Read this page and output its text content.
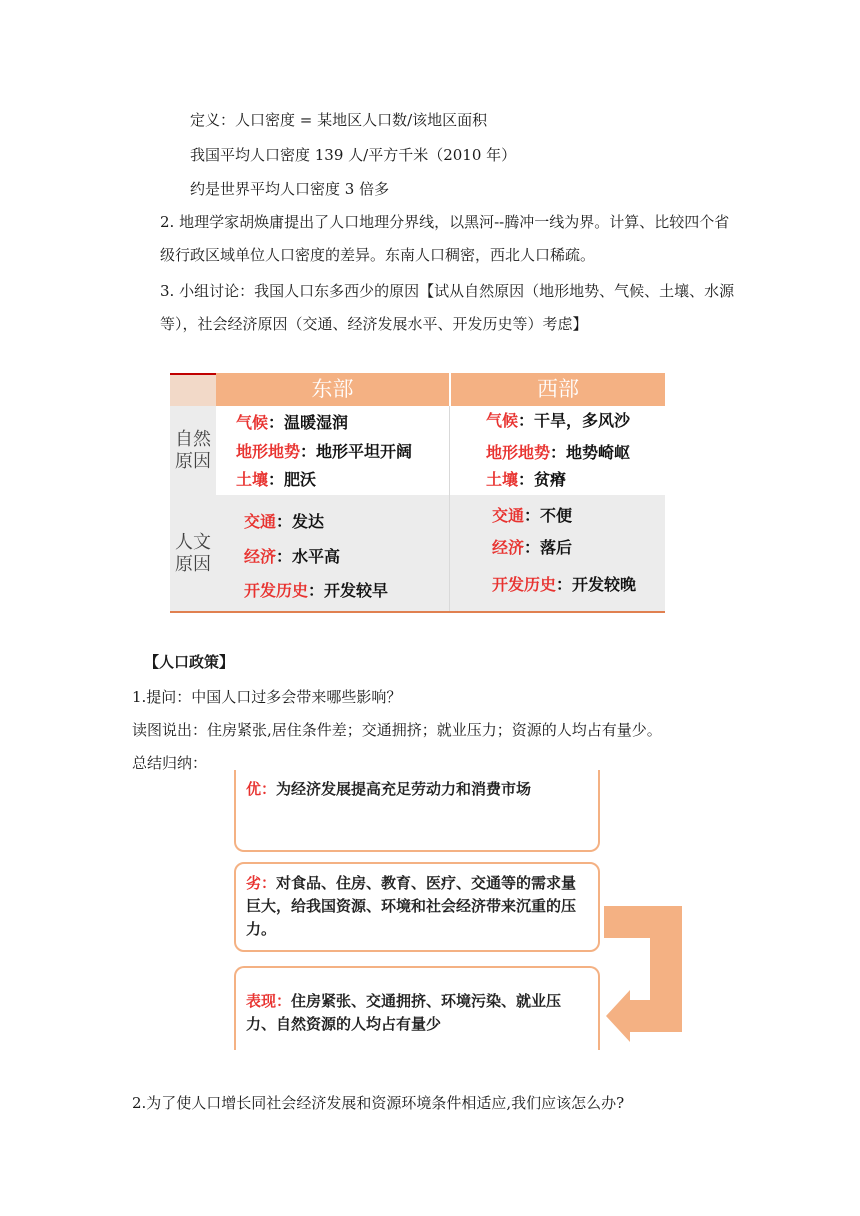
定义：人口密度 = 某地区人口数/该地区面积
我国平均人口密度 139 人/平方千米（2010 年）
约是世界平均人口密度 3 倍多
2. 地理学家胡焕庸提出了人口地理分界线，以黑河--腾冲一线为界。计算、比较四个省级行政区域单位人口密度的差异。东南人口稠密，西北人口稀疏。
3. 小组讨论：我国人口东多西少的原因【试从自然原因（地形地势、气候、土壤、水源等），社会经济原因（交通、经济发展水平、开发历史等）考虑】
东部	西部
自然原因
气候：温暖湿润
地形地势：地形平坦开阔
土壤：肥沃
气候：干旱，多风沙
地形地势：地势崎岖
土壤：贫瘠
人文原因
交通：发达
经济：水平高
开发历史：开发较早
交通：不便
经济：落后
开发历史：开发较晚
【人口政策】
1.提问：中国人口过多会带来哪些影响？
读图说出：住房紧张,居住条件差；交通拥挤；就业压力；资源的人均占有量少。
总结归纳：
优：为经济发展提高充足劳动力和消费市场
劣：对食品、住房、教育、医疗、交通等的需求量巨大，给我国资源、环境和社会经济带来沉重的压力。
表现：住房紧张、交通拥挤、环境污染、就业压力、自然资源的人均占有量少
2.为了使人口增长同社会经济发展和资源环境条件相适应,我们应该怎么办?
